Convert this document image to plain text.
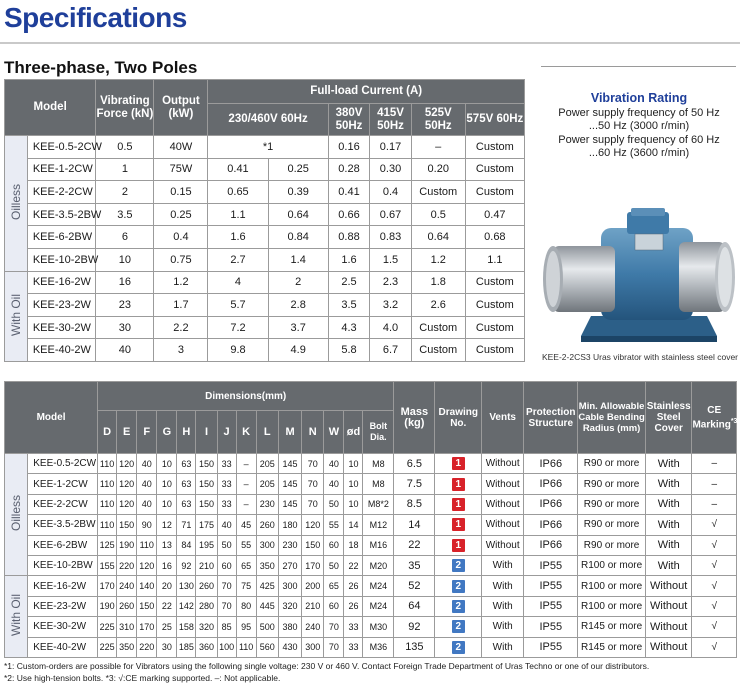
Specifications
Three-phase, Two Poles
Model		Vibrating Force (kN)	Output (kW)	Full-load Current (A)					
				230/460V 60Hz		380V 50Hz	415V 50Hz	525V 50Hz	575V 60Hz
Oilless	KEE-0.5-2CW	0.5	40W	*1		0.16	0.17	–	Custom
	KEE-1-2CW	1	75W	0.41	0.25	0.28	0.30	0.20	Custom
	KEE-2-2CW	2	0.15	0.65	0.39	0.41	0.4	Custom	Custom
	KEE-3.5-2BW	3.5	0.25	1.1	0.64	0.66	0.67	0.5	0.47
	KEE-6-2BW	6	0.4	1.6	0.84	0.88	0.83	0.64	0.68
	KEE-10-2BW	10	0.75	2.7	1.4	1.6	1.5	1.2	1.1
With Oil	KEE-16-2W	16	1.2	4	2	2.5	2.3	1.8	Custom
	KEE-23-2W	23	1.7	5.7	2.8	3.5	3.2	2.6	Custom
	KEE-30-2W	30	2.2	7.2	3.7	4.3	4.0	Custom	Custom
	KEE-40-2W	40	3	9.8	4.9	5.8	6.7	Custom	Custom
Vibration Rating
Power supply frequency of 50 Hz
...50 Hz (3000 r/min)
Power supply frequency of 60 Hz
...60 Hz (3600 r/min)
KEE-2-2CS3 Uras vibrator with stainless steel cover
Model		Dimensions(mm)														Mass (kg)	Drawing No.	Vents	Protection Structure	Min. Allowable Cable Bending Radius (mm)	Stainless Steel Cover	CE Marking$^{*3}$
		D	E	F	G	H	I	J	K	L	M	N	W	ød	Bolt Dia.							
Oilless	KEE-0.5-2CW	110	120	40	10	63	150	33	–	205	145	70	40	10	M8	6.5	1	Without	IP66	R90 or more	With	–
	KEE-1-2CW	110	120	40	10	63	150	33	–	205	145	70	40	10	M8	7.5	1	Without	IP66	R90 or more	With	–
	KEE-2-2CW	110	120	40	10	63	150	33	–	230	145	70	50	10	M8*2	8.5	1	Without	IP66	R90 or more	With	–
	KEE-3.5-2BW	110	150	90	12	71	175	40	45	260	180	120	55	14	M12	14	1	Without	IP66	R90 or more	With	√
	KEE-6-2BW	125	190	110	13	84	195	50	55	300	230	150	60	18	M16	22	1	Without	IP66	R90 or more	With	√
	KEE-10-2BW	155	220	120	16	92	210	60	65	350	270	170	50	22	M20	35	2	With	IP55	R100 or more	With	√
With Oil	KEE-16-2W	170	240	140	20	130	260	70	75	425	300	200	65	26	M24	52	2	With	IP55	R100 or more	Without	√
	KEE-23-2W	190	260	150	22	142	280	70	80	445	320	210	60	26	M24	64	2	With	IP55	R100 or more	Without	√
	KEE-30-2W	225	310	170	25	158	320	85	95	500	380	240	70	33	M30	92	2	With	IP55	R145 or more	Without	√
	KEE-40-2W	225	350	220	30	185	360	100	110	560	430	300	70	33	M36	135	2	With	IP55	R145 or more	Without	√
*1: Custom-orders are possible for Vibrators using the following single voltage: 230 V or 460 V. Contact Foreign Trade Department of Uras Techno or one of our distributors.
*2: Use high-tension bolts. *3: √:CE marking supported. –: Not applicable.
